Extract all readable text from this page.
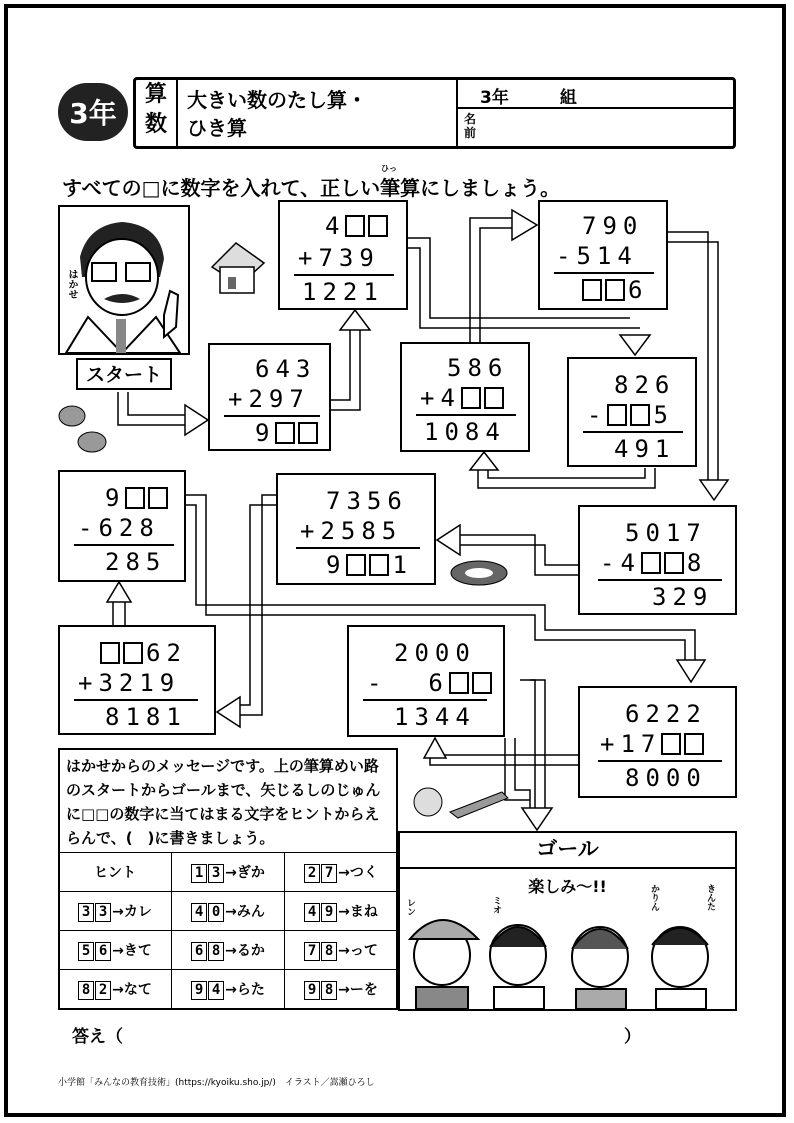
3年
算
数
大きい数のたし算・
ひき算
3年　　　組
名
前
ひっ
すべての□に数字を入れて、正しい筆算にしましょう。
はかせ
スタート	643
+297
9
4
+739
1221
790
-514
6
586
+4
1084
826
- 5
491
5017
-4 8
329
7356
+2585
9 1
9
-628
285
62
+3219
8181
2000
-  6
1344	6222
+17
8000
はかせからのメッセージです。上の筆算めい路のスタートからゴールまで、矢じるしのじゅんに□□の数字に当てはまる文字をヒントからえらんで、(　)に書きましょう。
ヒント	1 3 →ぎか	2 7 →つく
3 3 →カレ	4 0 →みん	4 9 →まね
5 6 →きて	6 8 →るか	7 8 →って
8 2 →なて	9 4 →らた	9 8 →ーを
ゴール
楽しみ〜!!
レン	ミオ	かりん	きんた
答え（	）
小学館「みんなの教育技術」(https://kyoiku.sho.jp/)　イラスト／嵩瀬ひろし
